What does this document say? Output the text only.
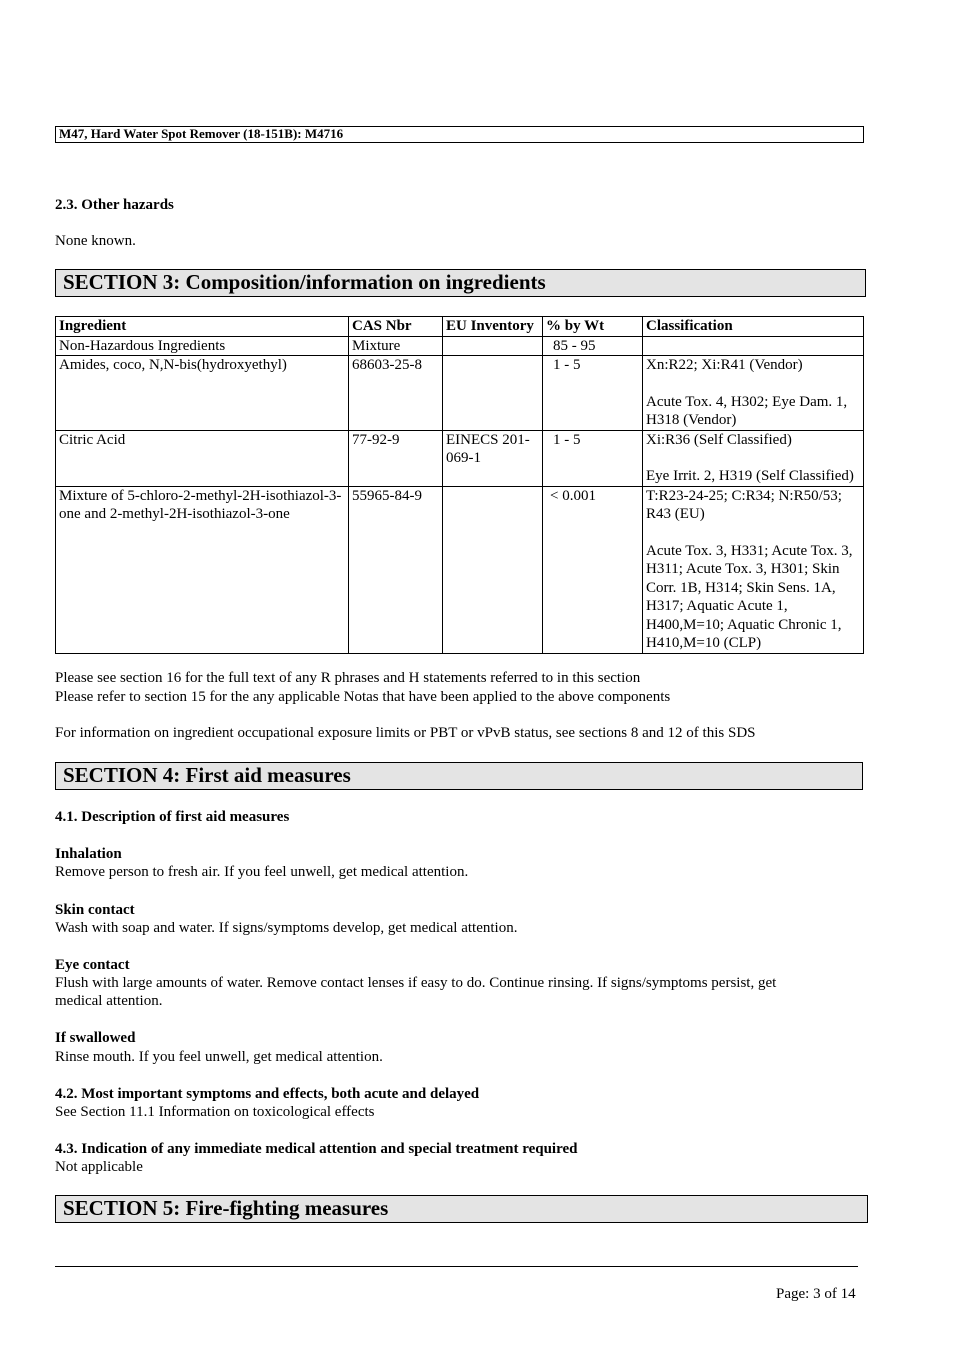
M47, Hard Water Spot Remover (18-151B): M4716
2.3. Other hazards
None known.
SECTION 3: Composition/information on ingredients
Ingredient	CAS Nbr	EU Inventory	% by Wt	Classification
Non-Hazardous Ingredients	Mixture		85 - 95	
Amides, coco, N,N-bis(hydroxyethyl)	68603-25-8		1 - 5	Xn:R22; Xi:R41 (Vendor)
Acute Tox. 4, H302; Eye Dam. 1, H318 (Vendor)

Citric Acid	77-92-9	EINECS 201-069-1	1 - 5	Xi:R36 (Self Classified)
Eye Irrit. 2, H319 (Self Classified)

Mixture of 5-chloro-2-methyl-2H-isothiazol-3-one and 2-methyl-2H-isothiazol-3-one	55965-84-9		< 0.001	T:R23-24-25; C:R34; N:R50/53; R43 (EU)
Acute Tox. 3, H331; Acute Tox. 3, H311; Acute Tox. 3, H301; Skin Corr. 1B, H314; Skin Sens. 1A, H317; Aquatic Acute 1, H400,M=10; Aquatic Chronic 1, H410,M=10 (CLP)
Please see section 16 for the full text of any R phrases and H statements referred to in this section
Please refer to section 15 for the any applicable Notas that have been applied to the above components
For information on ingredient occupational exposure limits or PBT or vPvB status, see sections 8 and 12 of this SDS
SECTION 4: First aid measures
4.1. Description of first aid measures
Inhalation
Remove person to fresh air. If you feel unwell, get medical attention.
Skin contact
Wash with soap and water. If signs/symptoms develop, get medical attention.
Eye contact
Flush with large amounts of water. Remove contact lenses if easy to do. Continue rinsing. If signs/symptoms persist, get
medical attention.
If swallowed
Rinse mouth. If you feel unwell, get medical attention.
4.2. Most important symptoms and effects, both acute and delayed
See Section 11.1 Information on toxicological effects
4.3. Indication of any immediate medical attention and special treatment required
Not applicable
SECTION 5: Fire-fighting measures
Page: 3 of 14
